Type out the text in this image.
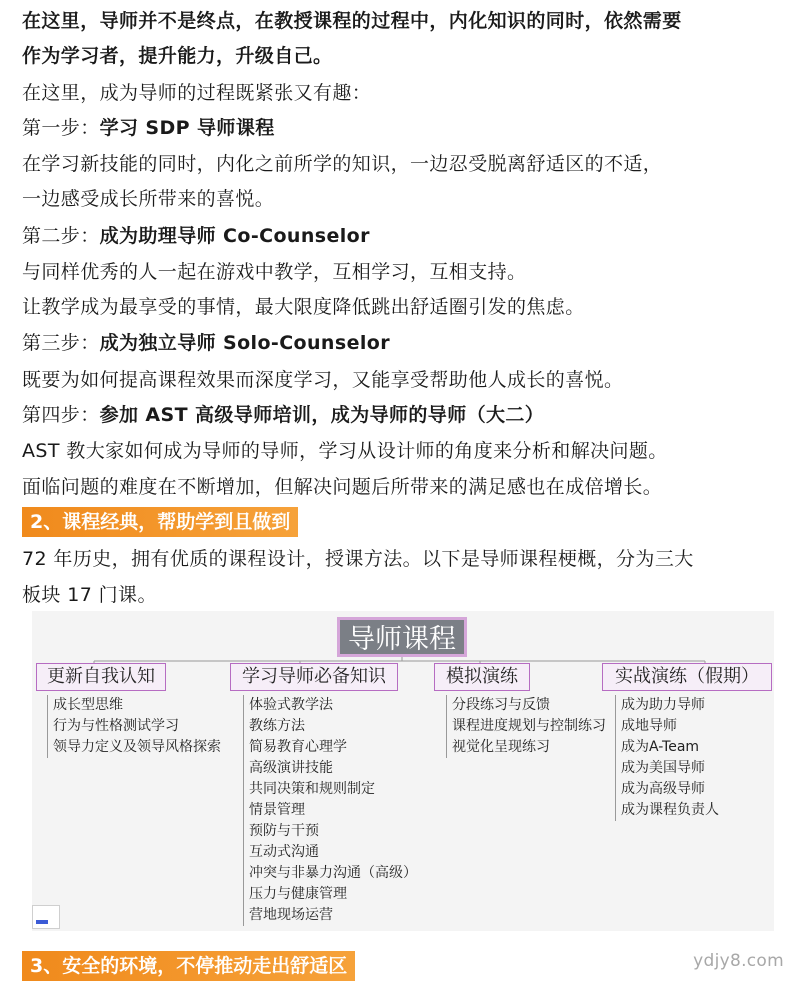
在这里，导师并不是终点，在教授课程的过程中，内化知识的同时，依然需要
作为学习者，提升能力，升级自己。
在这里，成为导师的过程既紧张又有趣：
第一步：学习 SDP 导师课程
在学习新技能的同时，内化之前所学的知识，一边忍受脱离舒适区的不适，
一边感受成长所带来的喜悦。
第二步：成为助理导师 Co-Counselor
与同样优秀的人一起在游戏中教学，互相学习，互相支持。
让教学成为最享受的事情，最大限度降低跳出舒适圈引发的焦虑。
第三步：成为独立导师 Solo-Counselor
既要为如何提高课程效果而深度学习，又能享受帮助他人成长的喜悦。
第四步：参加 AST 高级导师培训，成为导师的导师（大二）
AST 教大家如何成为导师的导师，学习从设计师的角度来分析和解决问题。
面临问题的难度在不断增加，但解决问题后所带来的满足感也在成倍增长。
2、课程经典，帮助学到且做到
72 年历史，拥有优质的课程设计，授课方法。以下是导师课程梗概，分为三大
板块 17 门课。
3、安全的环境，不停推动走出舒适区
导师课程
更新自我认知	学习导师必备知识	模拟演练	实战演练（假期）
成长型思维
行为与性格测试学习
领导力定义及领导风格探索
体验式教学法
教练方法
简易教育心理学
高级演讲技能
共同决策和规则制定
情景管理
预防与干预
互动式沟通
冲突与非暴力沟通（高级）
压力与健康管理
营地现场运营
分段练习与反馈
课程进度规划与控制练习
视觉化呈现练习
成为助力导师
成地导师
成为A-Team
成为美国导师
成为高级导师
成为课程负责人
ydjy8.com
